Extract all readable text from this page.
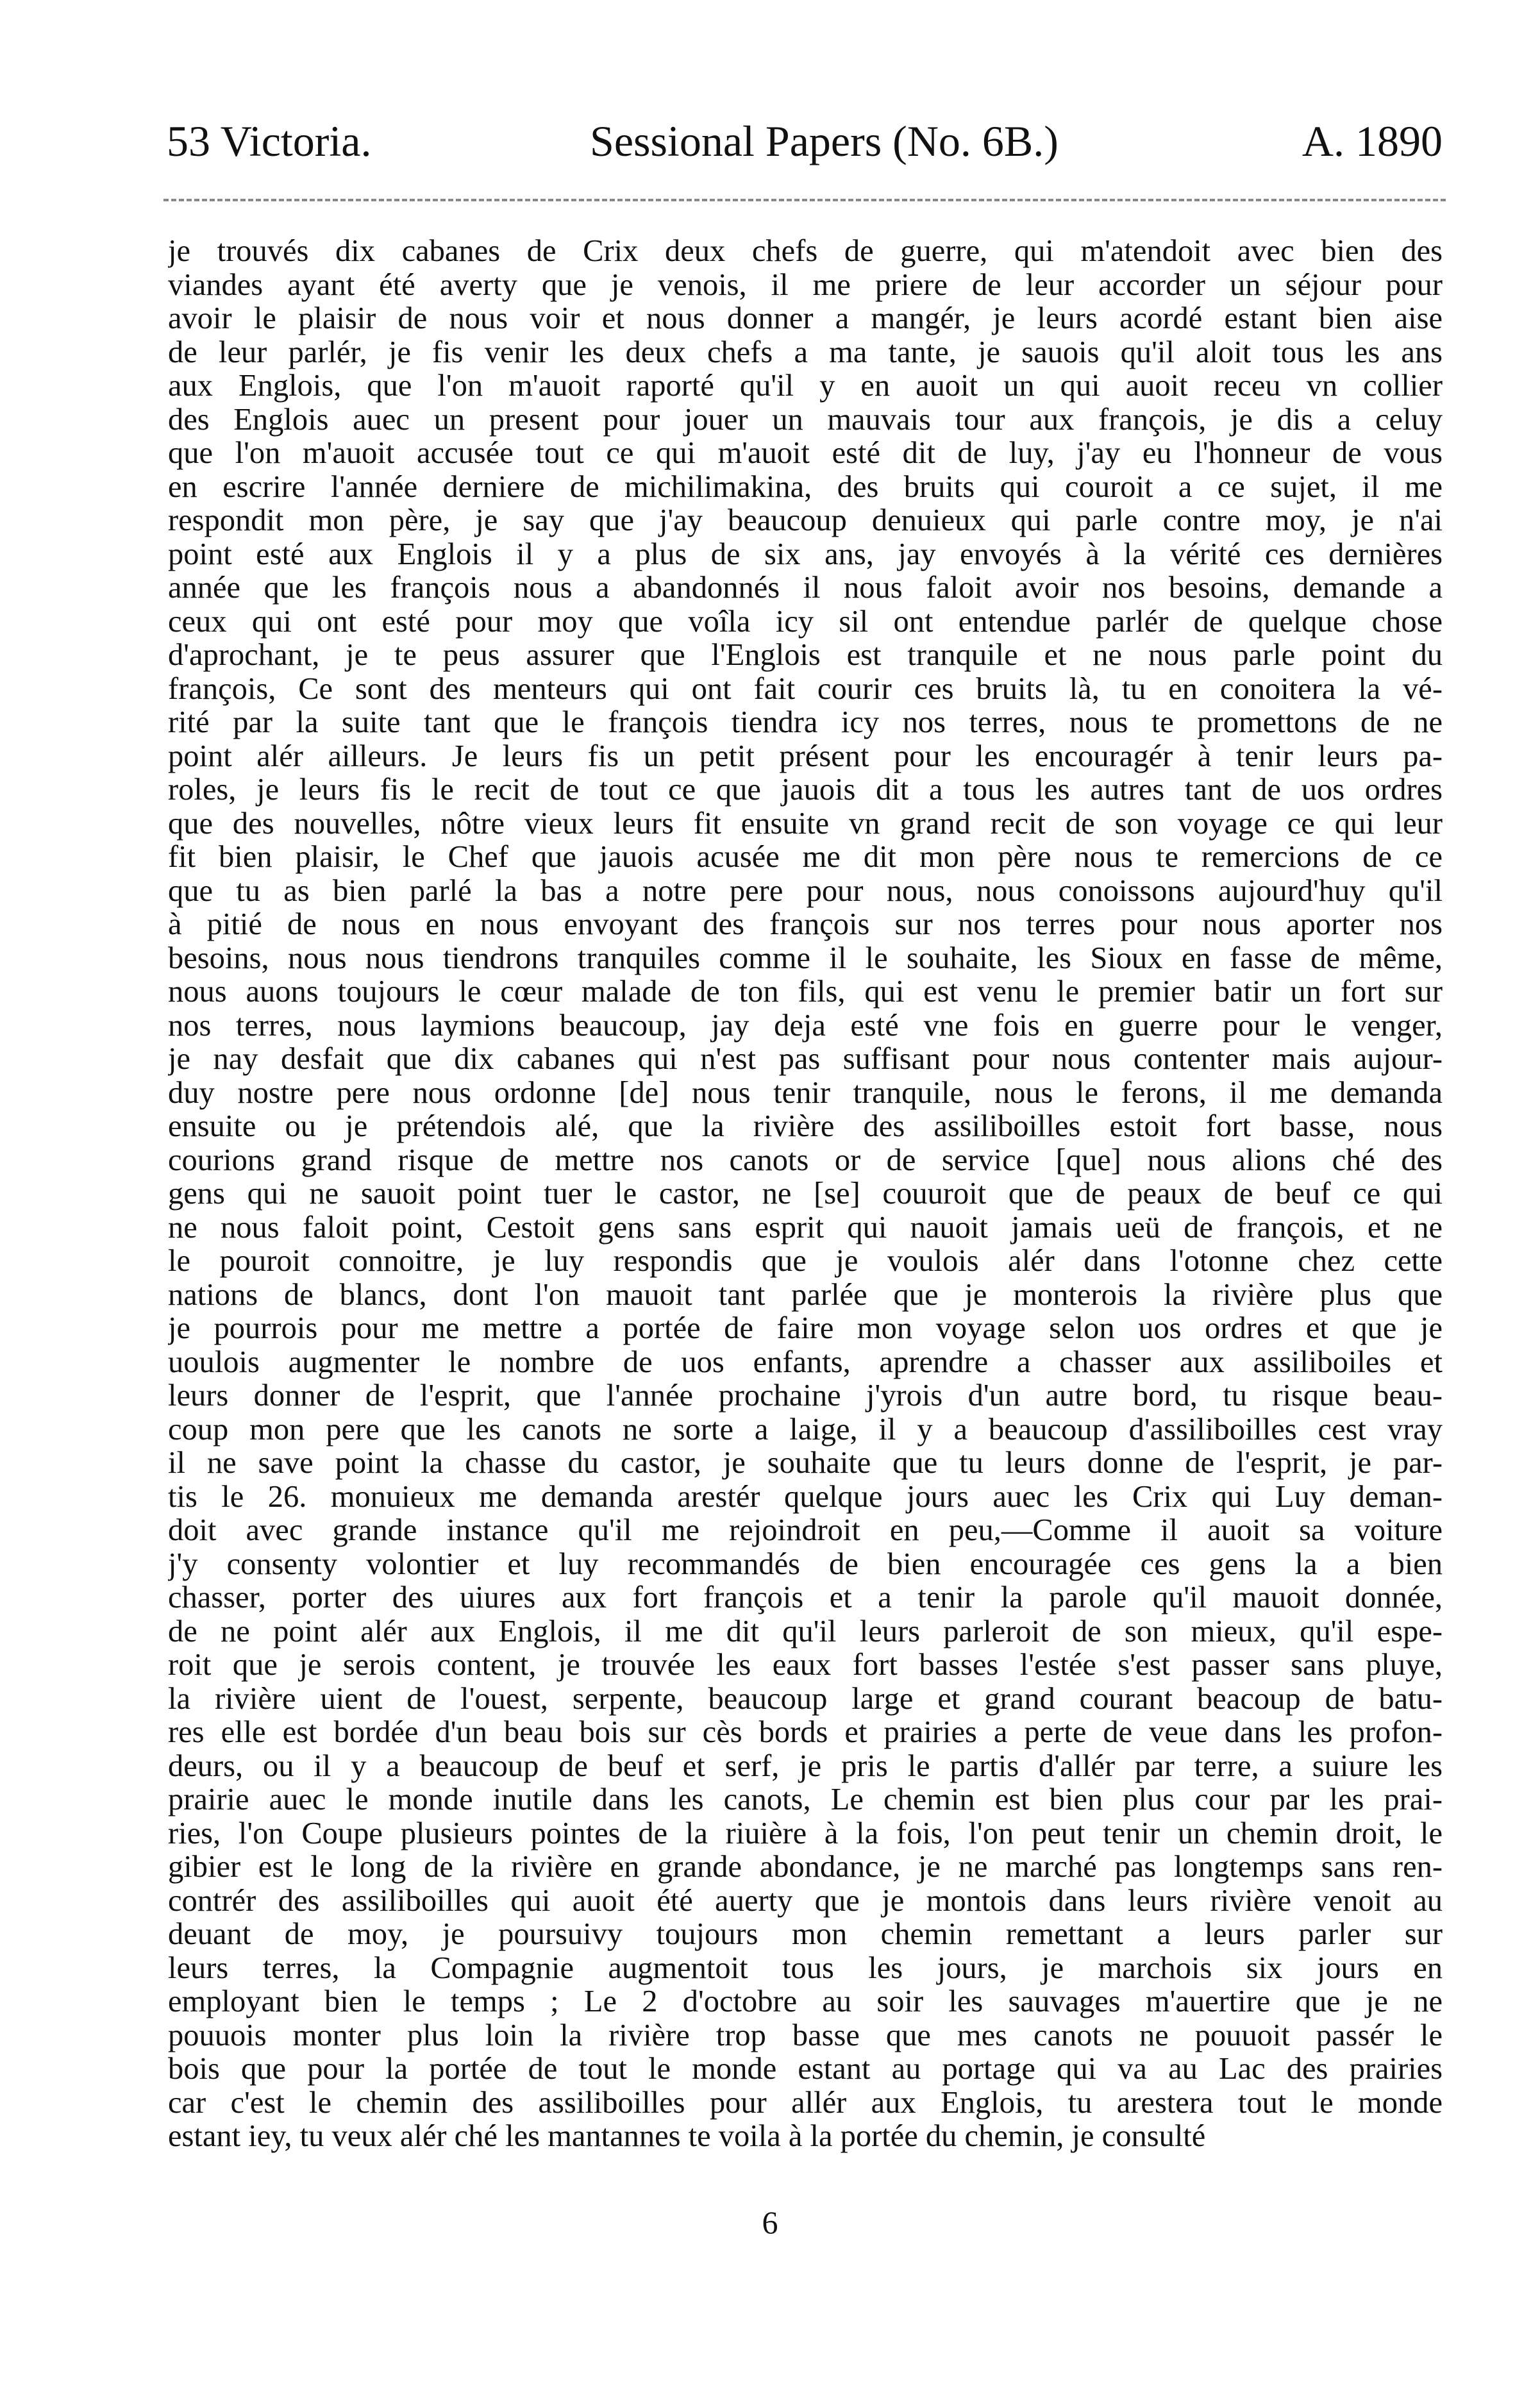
53 Victoria.	Sessional Papers (No. 6B.)	A. 1890
je trouvés dix cabanes de Crix deux chefs de guerre, qui m'atendoit avec bien des
viandes ayant été averty que je venois, il me priere de leur accorder un séjour pour
avoir le plaisir de nous voir et nous donner a mangér, je leurs acordé estant bien aise
de leur parlér, je fis venir les deux chefs a ma tante, je sauois qu'il aloit tous les ans
aux Englois, que l'on m'auoit raporté qu'il y en auoit un qui auoit receu vn collier
des Englois auec un present pour jouer un mauvais tour aux françois, je dis a celuy
que l'on m'auoit accusée tout ce qui m'auoit esté dit de luy, j'ay eu l'honneur de vous
en escrire l'année derniere de michilimakina, des bruits qui couroit a ce sujet, il me
respondit mon père, je say que j'ay beaucoup denuieux qui parle contre moy, je n'ai
point esté aux Englois il y a plus de six ans, jay envoyés à la vérité ces dernières
année que les françois nous a abandonnés il nous faloit avoir nos besoins, demande a
ceux qui ont esté pour moy que voîla icy sil ont entendue parlér de quelque chose
d'aprochant, je te peus assurer que l'Englois est tranquile et ne nous parle point du
françois, Ce sont des menteurs qui ont fait courir ces bruits là, tu en conoitera la vé-
rité par la suite tant que le françois tiendra icy nos terres, nous te promettons de ne
point alér ailleurs. Je leurs fis un petit présent pour les encouragér à tenir leurs pa-
roles, je leurs fis le recit de tout ce que jauois dit a tous les autres tant de uos ordres
que des nouvelles, nôtre vieux leurs fit ensuite vn grand recit de son voyage ce qui leur
fit bien plaisir, le Chef que jauois acusée me dit mon père nous te remercions de ce
que tu as bien parlé la bas a notre pere pour nous, nous conoissons aujourd'huy qu'il
à pitié de nous en nous envoyant des françois sur nos terres pour nous aporter nos
besoins, nous nous tiendrons tranquiles comme il le souhaite, les Sioux en fasse de même,
nous auons toujours le cœur malade de ton fils, qui est venu le premier batir un fort sur
nos terres, nous laymions beaucoup, jay deja esté vne fois en guerre pour le venger,
je nay desfait que dix cabanes qui n'est pas suffisant pour nous contenter mais aujour-
duy nostre pere nous ordonne [de] nous tenir tranquile, nous le ferons, il me demanda
ensuite ou je prétendois alé, que la rivière des assiliboilles estoit fort basse, nous
courions grand risque de mettre nos canots or de service [que] nous alions ché des
gens qui ne sauoit point tuer le castor, ne [se] couuroit que de peaux de beuf ce qui
ne nous faloit point, Cestoit gens sans esprit qui nauoit jamais ueü de françois, et ne
le pouroit connoitre, je luy respondis que je voulois alér dans l'otonne chez cette
nations de blancs, dont l'on mauoit tant parlée que je monterois la rivière plus que
je pourrois pour me mettre a portée de faire mon voyage selon uos ordres et que je
uoulois augmenter le nombre de uos enfants, aprendre a chasser aux assiliboiles et
leurs donner de l'esprit, que l'année prochaine j'yrois d'un autre bord, tu risque beau-
coup mon pere que les canots ne sorte a laige, il y a beaucoup d'assiliboilles cest vray
il ne save point la chasse du castor, je souhaite que tu leurs donne de l'esprit, je par-
tis le 26. monuieux me demanda arestér quelque jours auec les Crix qui Luy deman-
doit avec grande instance qu'il me rejoindroit en peu,—Comme il auoit sa voiture
j'y consenty volontier et luy recommandés de bien encouragée ces gens la a bien
chasser, porter des uiures aux fort françois et a tenir la parole qu'il mauoit donnée,
de ne point alér aux Englois, il me dit qu'il leurs parleroit de son mieux, qu'il espe-
roit que je serois content, je trouvée les eaux fort basses l'estée s'est passer sans pluye,
la rivière uient de l'ouest, serpente, beaucoup large et grand courant beacoup de batu-
res elle est bordée d'un beau bois sur cès bords et prairies a perte de veue dans les profon-
deurs, ou il y a beaucoup de beuf et serf, je pris le partis d'allér par terre, a suiure les
prairie auec le monde inutile dans les canots, Le chemin est bien plus cour par les prai-
ries, l'on Coupe plusieurs pointes de la riuière à la fois, l'on peut tenir un chemin droit, le
gibier est le long de la rivière en grande abondance, je ne marché pas longtemps sans ren-
contrér des assiliboilles qui auoit été auerty que je montois dans leurs rivière venoit au
deuant de moy, je poursuivy toujours mon chemin remettant a leurs parler sur
leurs terres, la Compagnie augmentoit tous les jours, je marchois six jours en
employant bien le temps ; Le 2 d'octobre au soir les sauvages m'auertire que je ne
pouuois monter plus loin la rivière trop basse que mes canots ne pouuoit passér le
bois que pour la portée de tout le monde estant au portage qui va au Lac des prairies
car c'est le chemin des assiliboilles pour allér aux Englois, tu arestera tout le monde
estant iey, tu veux alér ché les mantannes te voila à la portée du chemin, je consulté
6
